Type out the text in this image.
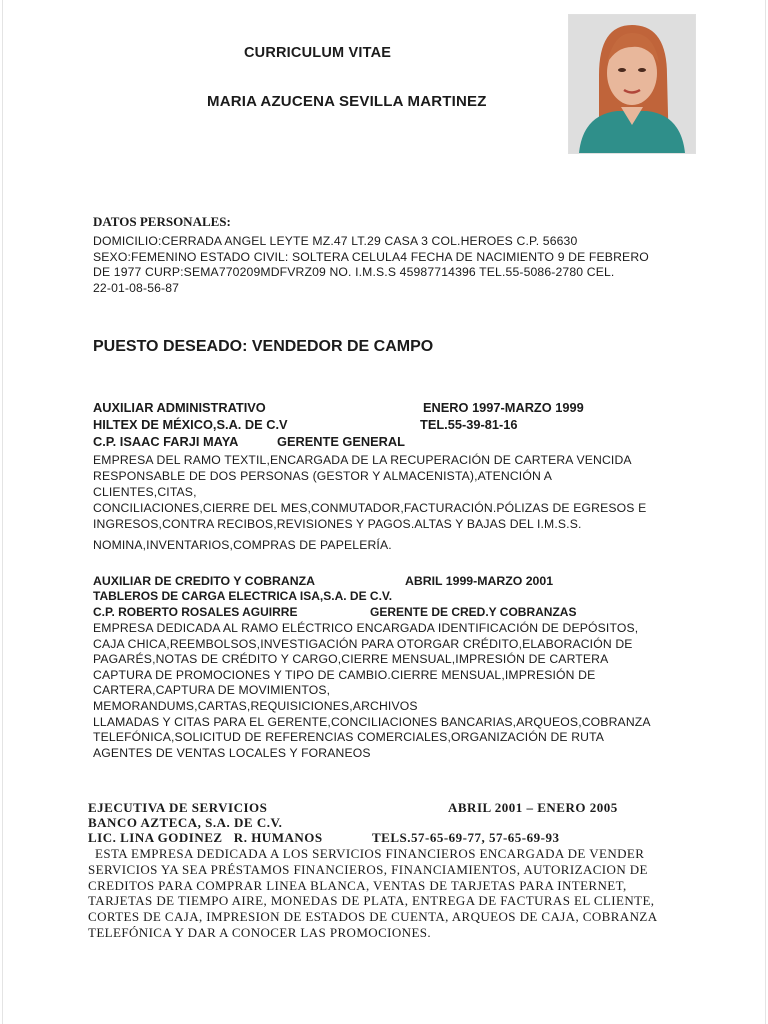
CURRICULUM VITAE
MARIA AZUCENA SEVILLA MARTINEZ
DATOS PERSONALES:
DOMICILIO:CERRADA ANGEL LEYTE MZ.47 LT.29 CASA 3 COL.HEROES C.P. 56630
SEXO:FEMENINO ESTADO CIVIL: SOLTERA CELULA4 FECHA DE NACIMIENTO 9 DE FEBRERO
DE 1977 CURP:SEMA770209MDFVRZ09 NO. I.M.S.S 45987714396 TEL.55-5086-2780 CEL.
22-01-08-56-87
PUESTO DESEADO: VENDEDOR DE CAMPO
AUXILIAR ADMINISTRATIVO	ENERO 1997-MARZO 1999
HILTEX DE MÉXICO,S.A. DE C.V	TEL.55-39-81-16
C.P. ISAAC FARJI MAYA	GERENTE GENERAL
EMPRESA DEL RAMO TEXTIL,ENCARGADA DE LA RECUPERACIÓN DE CARTERA VENCIDA
RESPONSABLE DE DOS PERSONAS (GESTOR Y ALMACENISTA),ATENCIÓN A
CLIENTES,CITAS,
CONCILIACIONES,CIERRE DEL MES,CONMUTADOR,FACTURACIÓN.PÓLIZAS DE EGRESOS E
INGRESOS,CONTRA RECIBOS,REVISIONES Y PAGOS.ALTAS Y BAJAS DEL I.M.S.S.
NOMINA,INVENTARIOS,COMPRAS DE PAPELERÍA.
AUXILIAR DE CREDITO Y COBRANZA	ABRIL 1999-MARZO 2001
TABLEROS DE CARGA ELECTRICA ISA,S.A. DE C.V.
C.P. ROBERTO ROSALES AGUIRRE	GERENTE DE CRED.Y COBRANZAS
EMPRESA DEDICADA AL RAMO ELÉCTRICO ENCARGADA IDENTIFICACIÓN DE DEPÓSITOS,
CAJA CHICA,REEMBOLSOS,INVESTIGACIÓN PARA OTORGAR CRÉDITO,ELABORACIÓN DE
PAGARÉS,NOTAS DE CRÉDITO Y CARGO,CIERRE MENSUAL,IMPRESIÓN DE CARTERA
CAPTURA DE PROMOCIONES Y TIPO DE CAMBIO.CIERRE MENSUAL,IMPRESIÓN DE
CARTERA,CAPTURA DE MOVIMIENTOS,
MEMORANDUMS,CARTAS,REQUISICIONES,ARCHIVOS
LLAMADAS Y CITAS PARA EL GERENTE,CONCILIACIONES BANCARIAS,ARQUEOS,COBRANZA
TELEFÓNICA,SOLICITUD DE REFERENCIAS COMERCIALES,ORGANIZACIÓN DE RUTA
AGENTES DE VENTAS LOCALES Y FORANEOS
EJECUTIVA DE SERVICIOS	ABRIL 2001 – ENERO 2005
BANCO AZTECA, S.A. DE C.V.
LIC. LINA GODINEZ   R. HUMANOS	TELS.57-65-69-77, 57-65-69-93
ESTA EMPRESA DEDICADA A LOS SERVICIOS FINANCIEROS ENCARGADA DE VENDER
SERVICIOS YA SEA PRÉSTAMOS FINANCIEROS, FINANCIAMIENTOS, AUTORIZACION DE
CREDITOS PARA COMPRAR LINEA BLANCA, VENTAS DE TARJETAS PARA INTERNET,
TARJETAS DE TIEMPO AIRE, MONEDAS DE PLATA, ENTREGA DE FACTURAS EL CLIENTE,
CORTES DE CAJA, IMPRESION DE ESTADOS DE CUENTA, ARQUEOS DE CAJA, COBRANZA
TELEFÓNICA Y DAR A CONOCER LAS PROMOCIONES.
